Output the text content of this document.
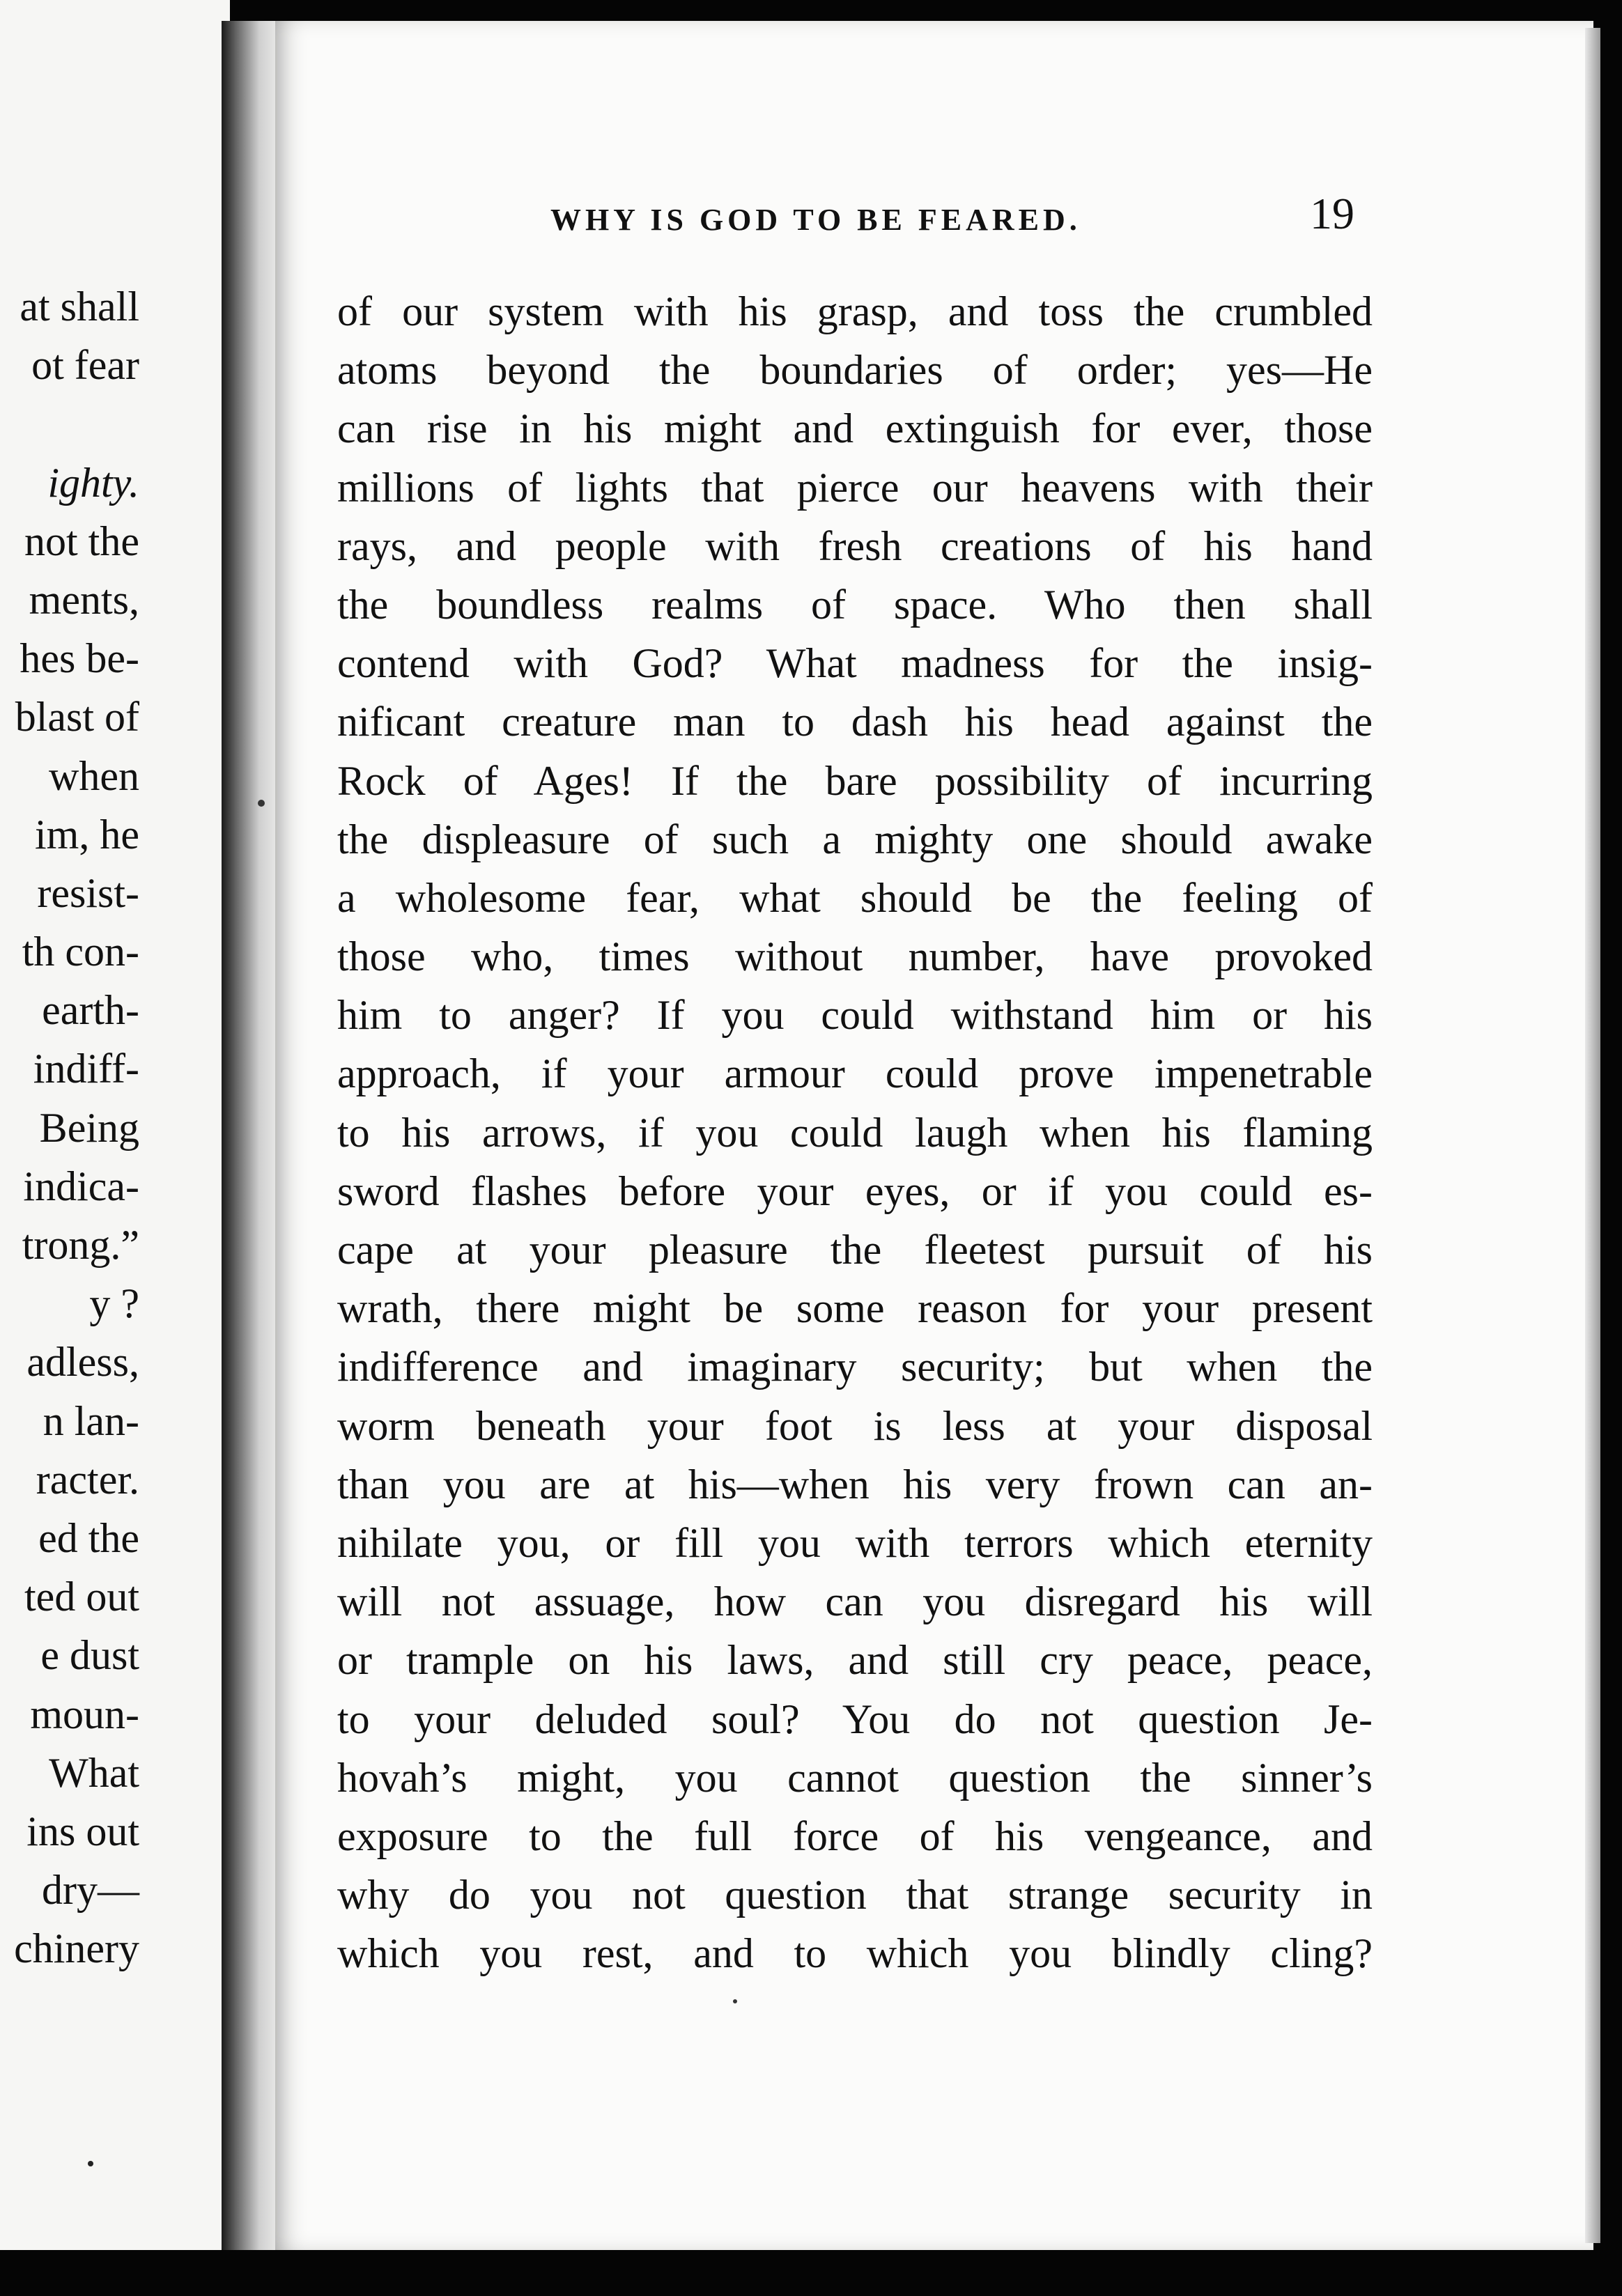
at shall
ot fear
ighty.
not the
ments,
hes be-
blast of
when
im, he
resist-
th con-
earth-
indiff-
Being
indica-
trong.”
y ?
adless,
n lan-
racter.
ed the
ted out
e dust
moun-
What
ins out
dry—
chinery
WHY IS GOD TO BE FEARED.	19
of our system with his grasp, and toss the crumbled
atoms beyond the boundaries of order; yes—He
can rise in his might and extinguish for ever, those
millions of lights that pierce our heavens with their
rays, and people with fresh creations of his hand
the boundless realms of space. Who then shall
contend with God? What madness for the insig-
nificant creature man to dash his head against the
Rock of Ages! If the bare possibility of incurring
the displeasure of such a mighty one should awake
a wholesome fear, what should be the feeling of
those who, times without number, have provoked
him to anger? If you could withstand him or his
approach, if your armour could prove impenetrable
to his arrows, if you could laugh when his flaming
sword flashes before your eyes, or if you could es-
cape at your pleasure the fleetest pursuit of his
wrath, there might be some reason for your present
indifference and imaginary security; but when the
worm beneath your foot is less at your disposal
than you are at his—when his very frown can an-
nihilate you, or fill you with terrors which eternity
will not assuage, how can you disregard his will
or trample on his laws, and still cry peace, peace,
to your deluded soul? You do not question Je-
hovah’s might, you cannot question the sinner’s
exposure to the full force of his vengeance, and
why do you not question that strange security in
which you rest, and to which you blindly cling?
